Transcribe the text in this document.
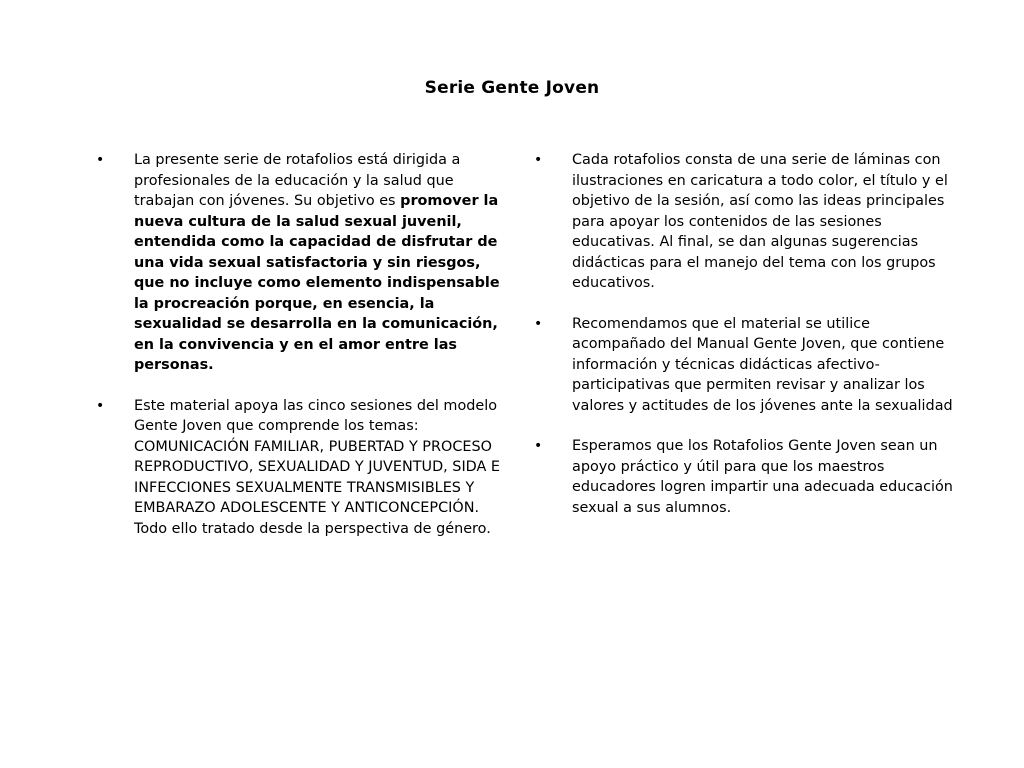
Serie Gente Joven
•	La presente serie de rotafolios está dirigida a profesionales de la educación y la salud que trabajan con jóvenes. Su objetivo es promover la nueva cultura de la salud sexual juvenil, entendida como la capacidad de disfrutar de una vida sexual satisfactoria y sin riesgos, que no incluye como elemento indispensable la procreación porque, en esencia, la sexualidad se desarrolla en la comunicación, en la convivencia y en el amor entre las personas.
•	Este material apoya las cinco sesiones del modelo Gente Joven que comprende los temas: COMUNICACIÓN FAMILIAR, PUBERTAD Y PROCESO REPRODUCTIVO, SEXUALIDAD Y JUVENTUD, SIDA E INFECCIONES SEXUALMENTE TRANSMISIBLES Y EMBARAZO ADOLESCENTE Y ANTICONCEPCIÓN. Todo ello tratado desde la perspectiva de género.
•	Cada rotafolios consta de una serie de láminas con ilustraciones en caricatura a todo color, el título y el objetivo de la sesión, así como las ideas principales para apoyar los contenidos de las sesiones educativas. Al final, se dan algunas sugerencias didácticas para el manejo del tema con los grupos educativos.
•	Recomendamos que el material se utilice acompañado del Manual Gente Joven, que contiene información y técnicas didácticas afectivo-participativas que permiten revisar y analizar los valores y actitudes de los jóvenes ante la sexualidad
•	Esperamos que los Rotafolios Gente Joven sean un apoyo práctico y útil para que los maestros educadores logren impartir una adecuada educación sexual a sus alumnos.
